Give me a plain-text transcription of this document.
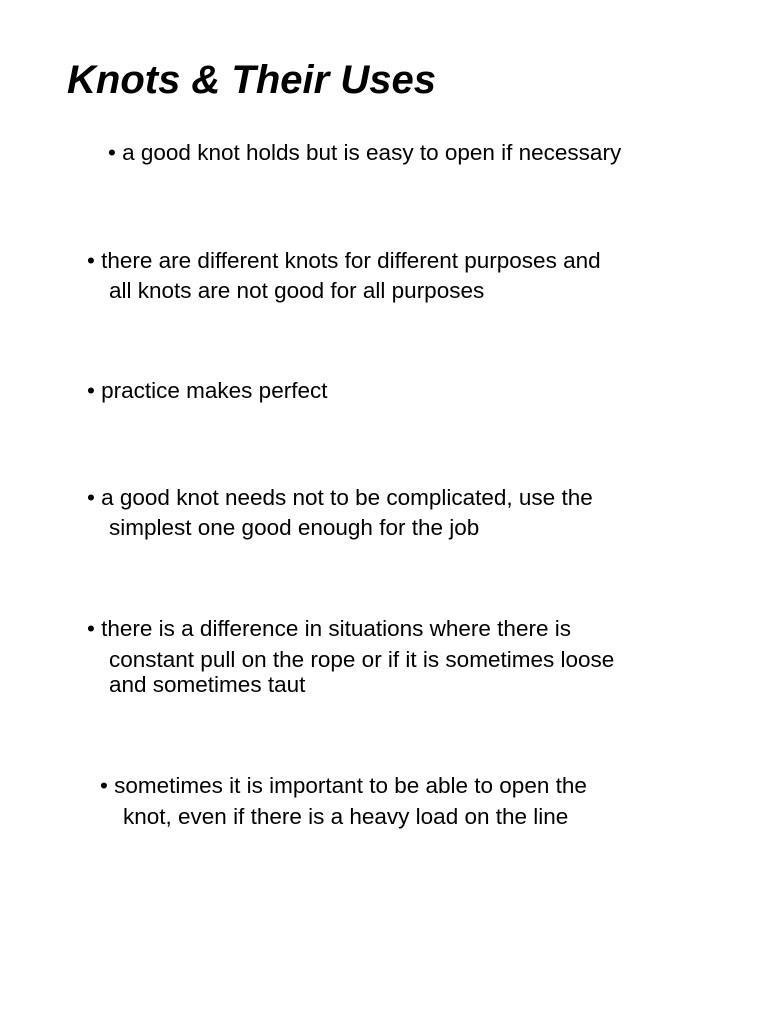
Knots & Their Uses

• a good knot holds but is easy to open if necessary

• there are different knots for different purposes and

all knots are not good for all purposes

• practice makes perfect

• a good knot needs not to be complicated, use the

simplest one good enough for the job

• there is a difference in situations where there is

constant pull on the rope or if it is sometimes loose

and sometimes taut

• sometimes it is important to be able to open the

knot, even if there is a heavy load on the line
